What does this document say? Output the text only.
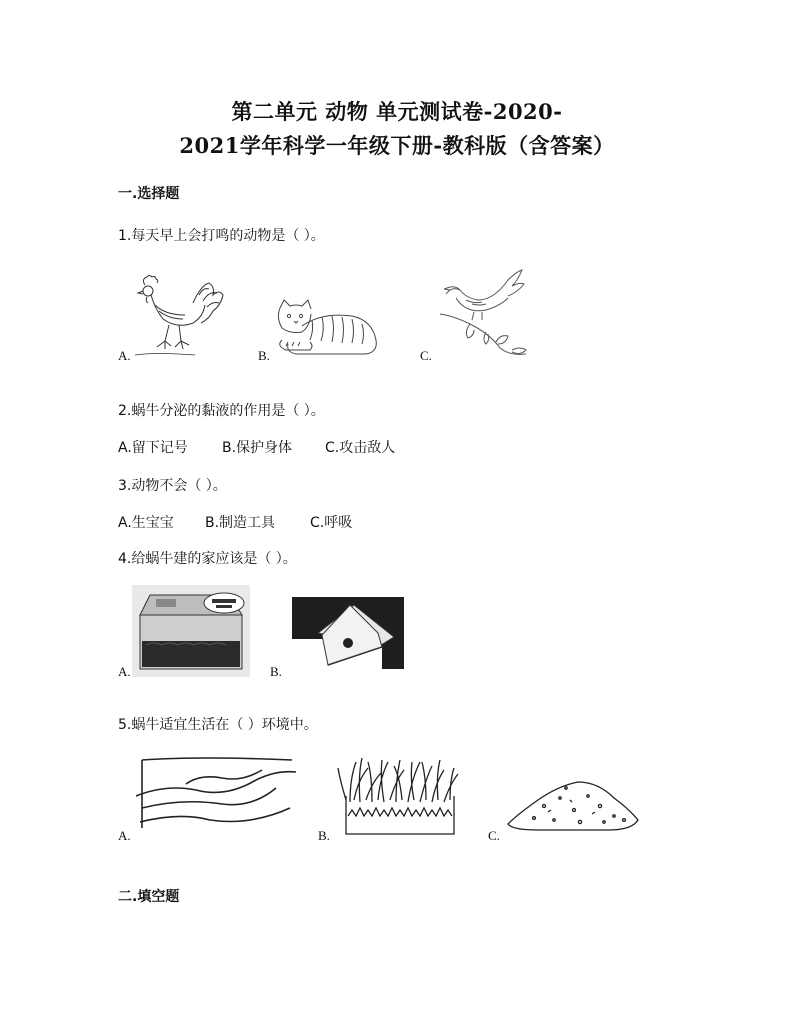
第二单元 动物 单元测试卷-2020-
2021学年科学一年级下册-教科版（含答案）
一.选择题
1.每天早上会打鸣的动物是（ ）。
A.	B.	C.
2.蜗牛分泌的黏液的作用是（ ）。
A.留下记号 B.保护身体 C.攻击敌人
3.动物不会（ ）。
A.生宝宝 B.制造工具 C.呼吸
4.给蜗牛建的家应该是（ ）。
A.	B.
5.蜗牛适宜生活在（ ）环境中。
A.	B.	C.
二.填空题
